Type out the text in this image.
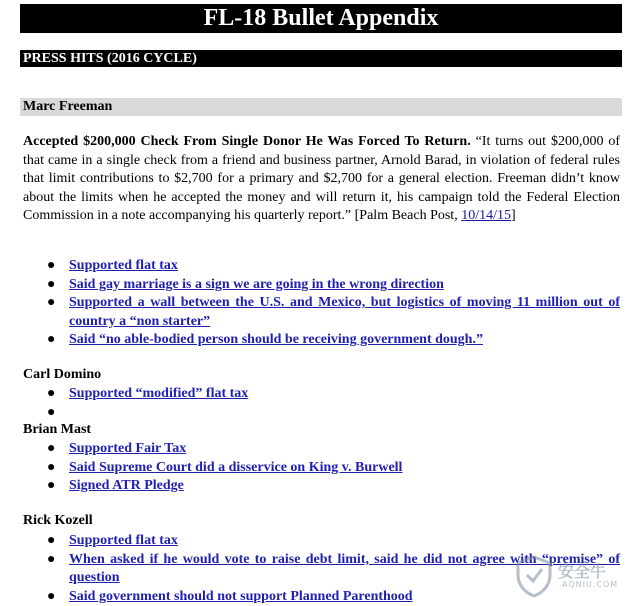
FL-18 Bullet Appendix
PRESS HITS (2016 CYCLE)
Marc Freeman
Accepted $200,000 Check From Single Donor He Was Forced To Return. “It turns out $200,000 of that came in a single check from a friend and business partner, Arnold Barad, in violation of federal rules that limit contributions to $2,700 for a primary and $2,700 for a general election. Freeman didn’t know about the limits when he accepted the money and will return it, his campaign told the Federal Election Commission in a note accompanying his quarterly report.” [Palm Beach Post, 10/14/15]
● Supported flat tax
● Said gay marriage is a sign we are going in the wrong direction
● Supported a wall between the U.S. and Mexico, but logistics of moving 11 million out of country a “non starter”
● Said “no able-bodied person should be receiving government dough.”
Carl Domino
● Supported “modified” flat tax
●
Brian Mast
● Supported Fair Tax
● Said Supreme Court did a disservice on King v. Burwell
● Signed ATR Pledge
Rick Kozell
● Supported flat tax
● When asked if he would vote to raise debt limit, said he did not agree with “premise” of question
● Said government should not support Planned Parenthood
安全牛
AQNIU.COM
